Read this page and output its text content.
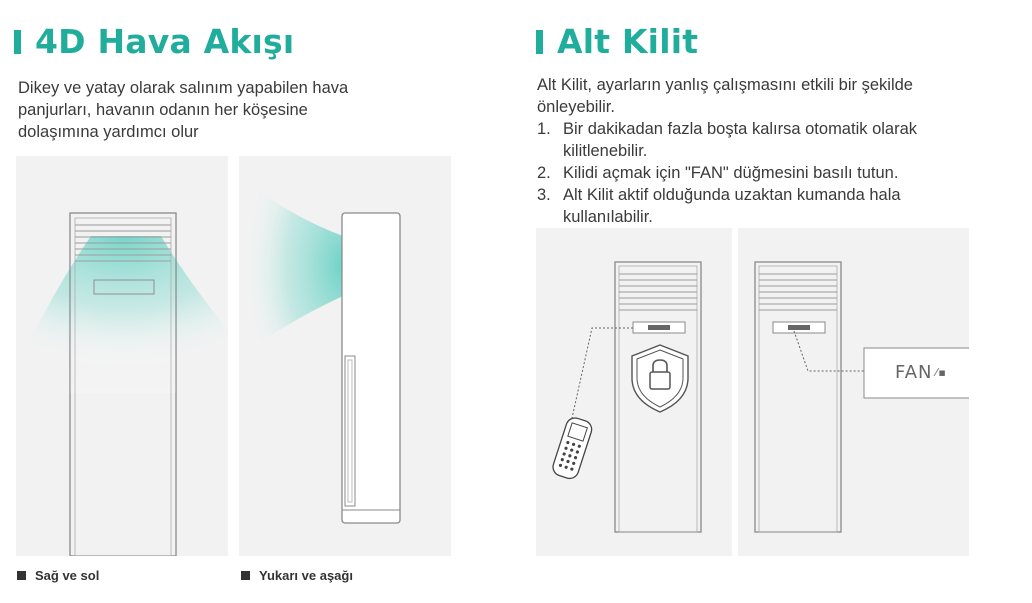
4D Hava Akışı

Dikey ve yatay olarak salınım yapabilen hava
panjurları, havanın odanın her köşesine
dolaşımına yardımcı olur

Sağ ve sol	Yukarı ve aşağı
Alt Kilit

Alt Kilit, ayarların yanlış çalışmasını etkili bir şekilde
önleyebilir.

1. Bir dakikadan fazla boşta kalırsa otomatik olarak
kilitlenebilir.
2. Kilidi açmak için "FAN" düğmesini basılı tutun.
3. Alt Kilit aktif olduğunda uzaktan kumanda hala
kullanılabilir.
FAN ⁄▪
